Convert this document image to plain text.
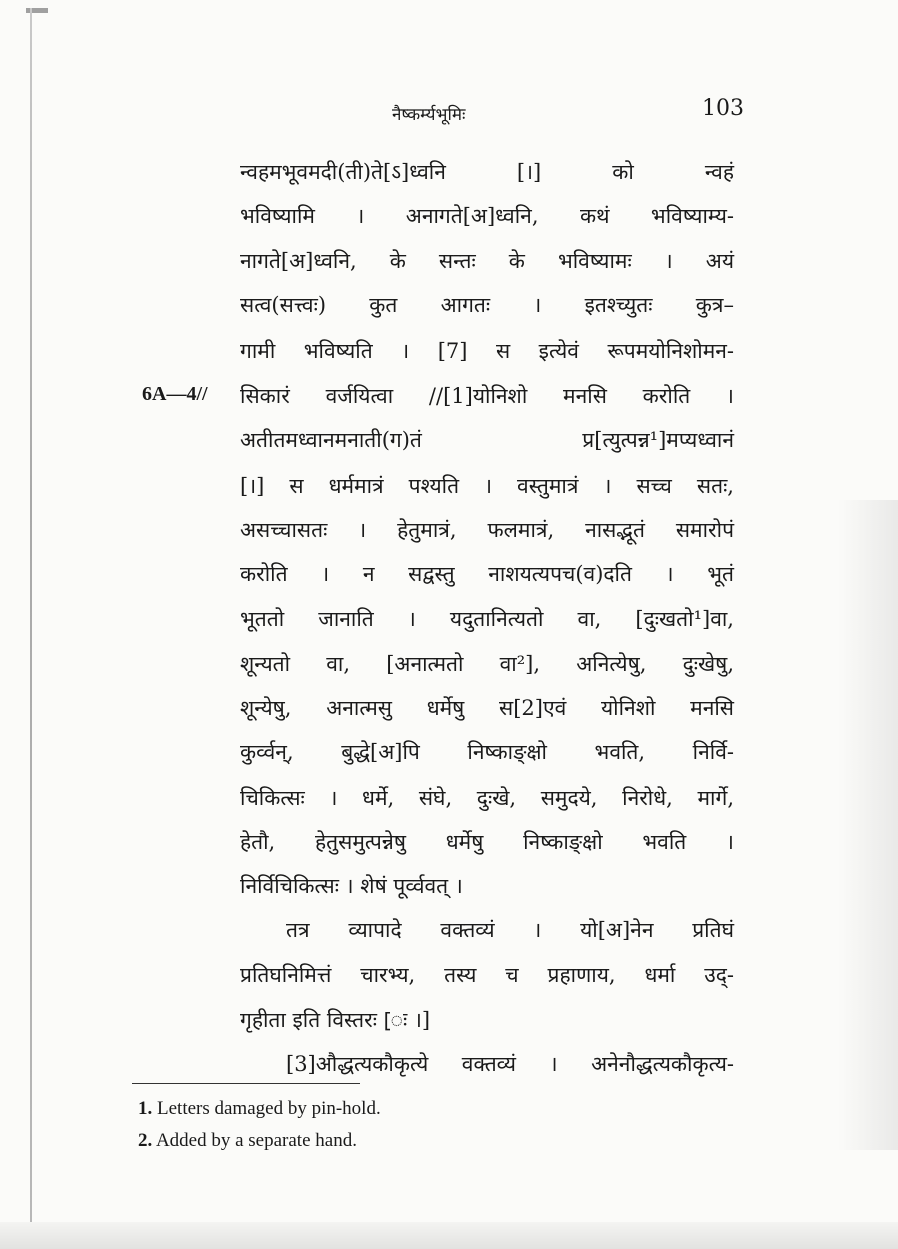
नैष्कर्म्यभूमिः	103
6A—4//
न्वहमभूवमदी(ती)ते[ऽ]ध्वनि [।] को न्वहं
भविष्यामि । अनागते[अ]ध्वनि, कथं भविष्याम्य-
नागते[अ]ध्वनि, के सन्तः के भविष्यामः । अयं
सत्व(सत्त्वः) कुत आगतः । इतश्च्युतः कुत्र–
गामी भविष्यति । [7] स इत्येवं रूपमयोनिशोमन-
सिकारं वर्जयित्वा //[1]योनिशो मनसि करोति ।
अतीतमध्वानमनाती(ग)तं प्र[त्युत्पन्न¹]मप्यध्वानं
[।] स धर्ममात्रं पश्यति । वस्तुमात्रं । सच्च सतः,
असच्चासतः । हेतुमात्रं, फलमात्रं, नासद्भूतं समारोपं
करोति । न सद्वस्तु नाशयत्यपच(व)दति । भूतं
भूततो जानाति । यदुतानित्यतो वा, [दुःखतो¹]वा,
शून्यतो वा, [अनात्मतो वा²], अनित्येषु, दुःखेषु,
शून्येषु, अनात्मसु धर्मेषु स[2]एवं योनिशो मनसि
कुर्व्वन्, बुद्धे[अ]पि निष्काङ्क्षो भवति, निर्वि-
चिकित्सः । धर्मे, संघे, दुःखे, समुदये, निरोधे, मार्गे,
हेतौ, हेतुसमुत्पन्नेषु धर्मेषु निष्काङ्क्षो भवति ।
निर्विचिकित्सः । शेषं पूर्व्ववत् ।
तत्र व्यापादे वक्तव्यं । यो[अ]नेन प्रतिघं
प्रतिघनिमित्तं चारभ्य, तस्य च प्रहाणाय, धर्मा उद्-
गृहीता इति विस्तरः [ः ।]
[3]औद्धत्यकौकृत्ये वक्तव्यं । अनेनौद्धत्यकौकृत्य-
1. Letters damaged by pin-hold.
2. Added by a separate hand.
